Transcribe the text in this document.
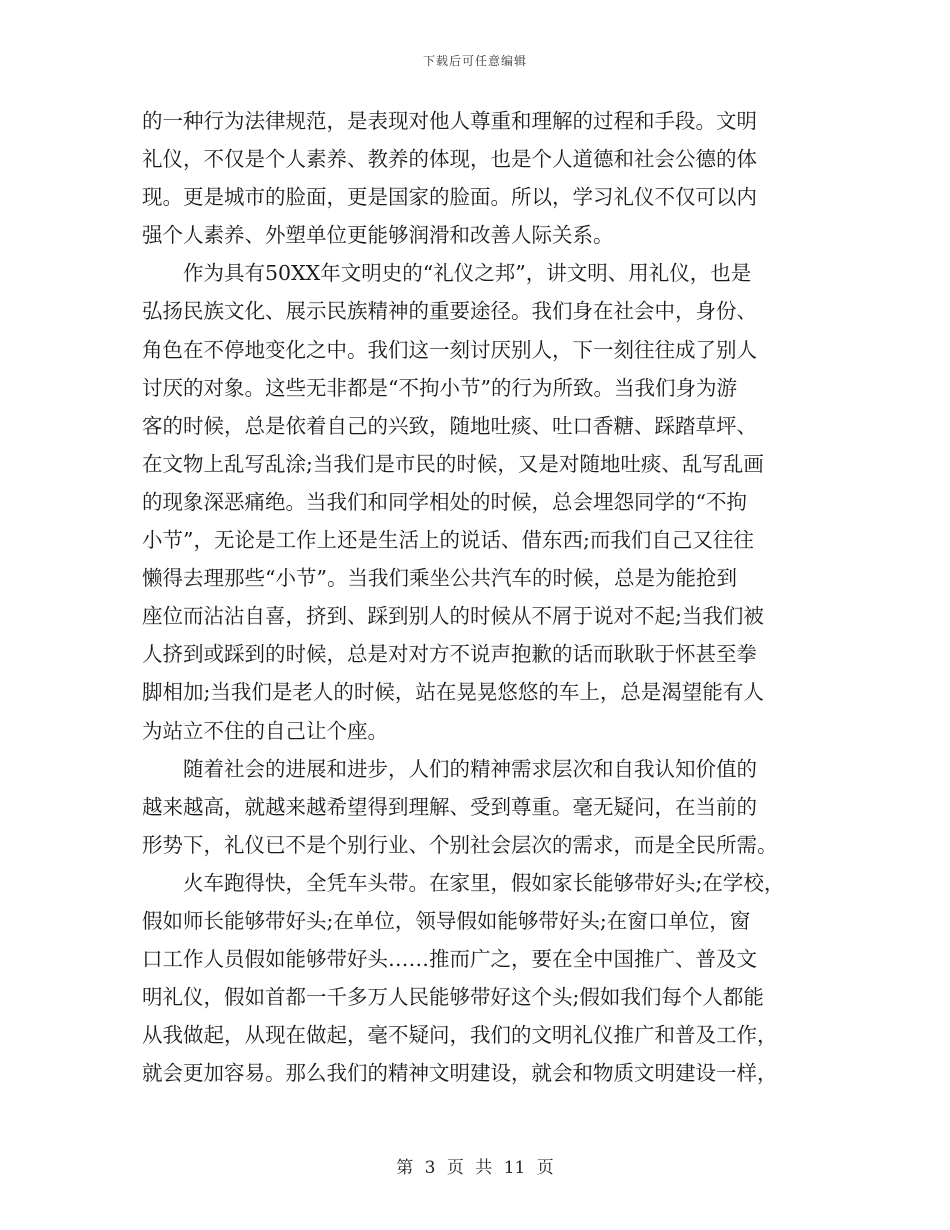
下载后可任意编辑
的一种行为法律规范，是表现对他人尊重和理解的过程和手段。文明
礼仪，不仅是个人素养、教养的体现，也是个人道德和社会公德的体
现。更是城市的脸面，更是国家的脸面。所以，学习礼仪不仅可以内
强个人素养、外塑单位更能够润滑和改善人际关系。
　　作为具有50XX年文明史的“礼仪之邦”，讲文明、用礼仪，也是
弘扬民族文化、展示民族精神的重要途径。我们身在社会中，身份、
角色在不停地变化之中。我们这一刻讨厌别人，下一刻往往成了别人
讨厌的对象。这些无非都是“不拘小节”的行为所致。当我们身为游
客的时候，总是依着自己的兴致，随地吐痰、吐口香糖、踩踏草坪、
在文物上乱写乱涂;当我们是市民的时候，又是对随地吐痰、乱写乱画
的现象深恶痛绝。当我们和同学相处的时候，总会埋怨同学的“不拘
小节”，无论是工作上还是生活上的说话、借东西;而我们自己又往往
懒得去理那些“小节”。当我们乘坐公共汽车的时候，总是为能抢到
座位而沾沾自喜，挤到、踩到别人的时候从不屑于说对不起;当我们被
人挤到或踩到的时候，总是对对方不说声抱歉的话而耿耿于怀甚至拳
脚相加;当我们是老人的时候，站在晃晃悠悠的车上，总是渴望能有人
为站立不住的自己让个座。
　　随着社会的进展和进步，人们的精神需求层次和自我认知价值的
越来越高，就越来越希望得到理解、受到尊重。毫无疑问，在当前的
形势下，礼仪已不是个别行业、个别社会层次的需求，而是全民所需。
　　火车跑得快，全凭车头带。在家里，假如家长能够带好头;在学校，
假如师长能够带好头;在单位，领导假如能够带好头;在窗口单位，窗
口工作人员假如能够带好头……推而广之，要在全中国推广、普及文
明礼仪，假如首都一千多万人民能够带好这个头;假如我们每个人都能
从我做起，从现在做起，毫不疑问，我们的文明礼仪推广和普及工作，
就会更加容易。那么我们的精神文明建设，就会和物质文明建设一样，
第 3 页 共 11 页
